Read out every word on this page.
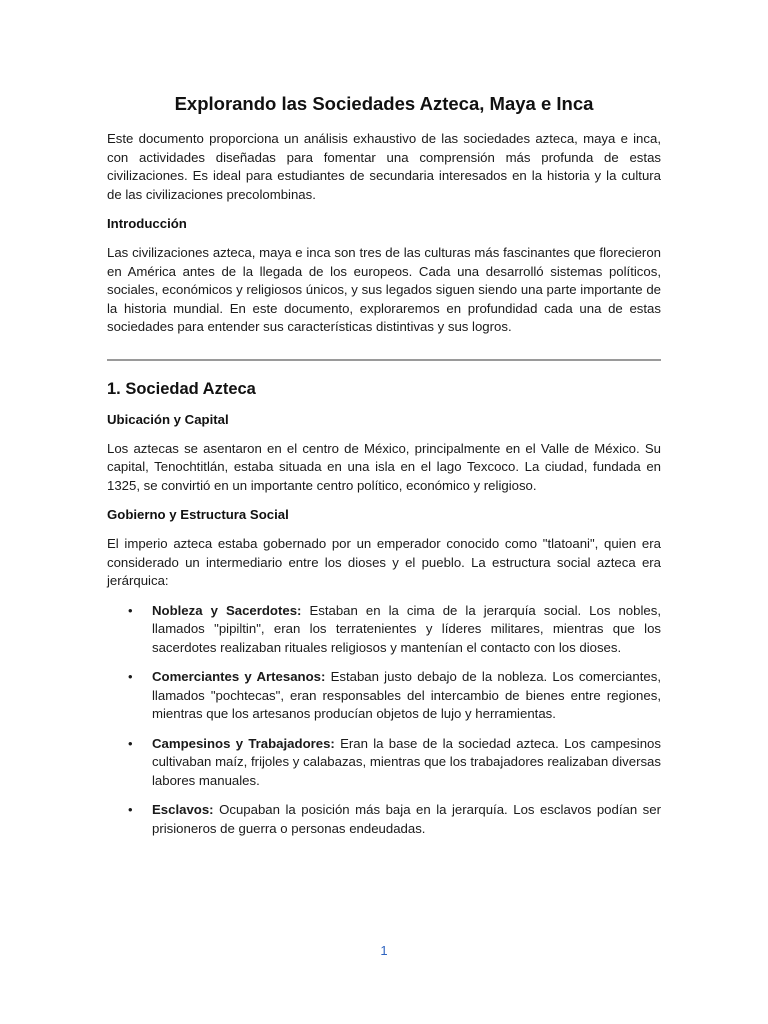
Explorando las Sociedades Azteca, Maya e Inca

Este documento proporciona un análisis exhaustivo de las sociedades azteca, maya e inca, con actividades diseñadas para fomentar una comprensión más profunda de estas civilizaciones. Es ideal para estudiantes de secundaria interesados en la historia y la cultura de las civilizaciones precolombinas.

Introducción

Las civilizaciones azteca, maya e inca son tres de las culturas más fascinantes que florecieron en América antes de la llegada de los europeos. Cada una desarrolló sistemas políticos, sociales, económicos y religiosos únicos, y sus legados siguen siendo una parte importante de la historia mundial. En este documento, exploraremos en profundidad cada una de estas sociedades para entender sus características distintivas y sus logros.

1. Sociedad Azteca
Ubicación y Capital

Los aztecas se asentaron en el centro de México, principalmente en el Valle de México. Su capital, Tenochtitlán, estaba situada en una isla en el lago Texcoco. La ciudad, fundada en 1325, se convirtió en un importante centro político, económico y religioso.

Gobierno y Estructura Social

El imperio azteca estaba gobernado por un emperador conocido como "tlatoani", quien era considerado un intermediario entre los dioses y el pueblo. La estructura social azteca era jerárquica:

• Nobleza y Sacerdotes: Estaban en la cima de la jerarquía social. Los nobles, llamados "pipiltin", eran los terratenientes y líderes militares, mientras que los sacerdotes realizaban rituales religiosos y mantenían el contacto con los dioses.
• Comerciantes y Artesanos: Estaban justo debajo de la nobleza. Los comerciantes, llamados "pochtecas", eran responsables del intercambio de bienes entre regiones, mientras que los artesanos producían objetos de lujo y herramientas.
• Campesinos y Trabajadores: Eran la base de la sociedad azteca. Los campesinos cultivaban maíz, frijoles y calabazas, mientras que los trabajadores realizaban diversas labores manuales.
• Esclavos: Ocupaban la posición más baja en la jerarquía. Los esclavos podían ser prisioneros de guerra o personas endeudadas.
1
